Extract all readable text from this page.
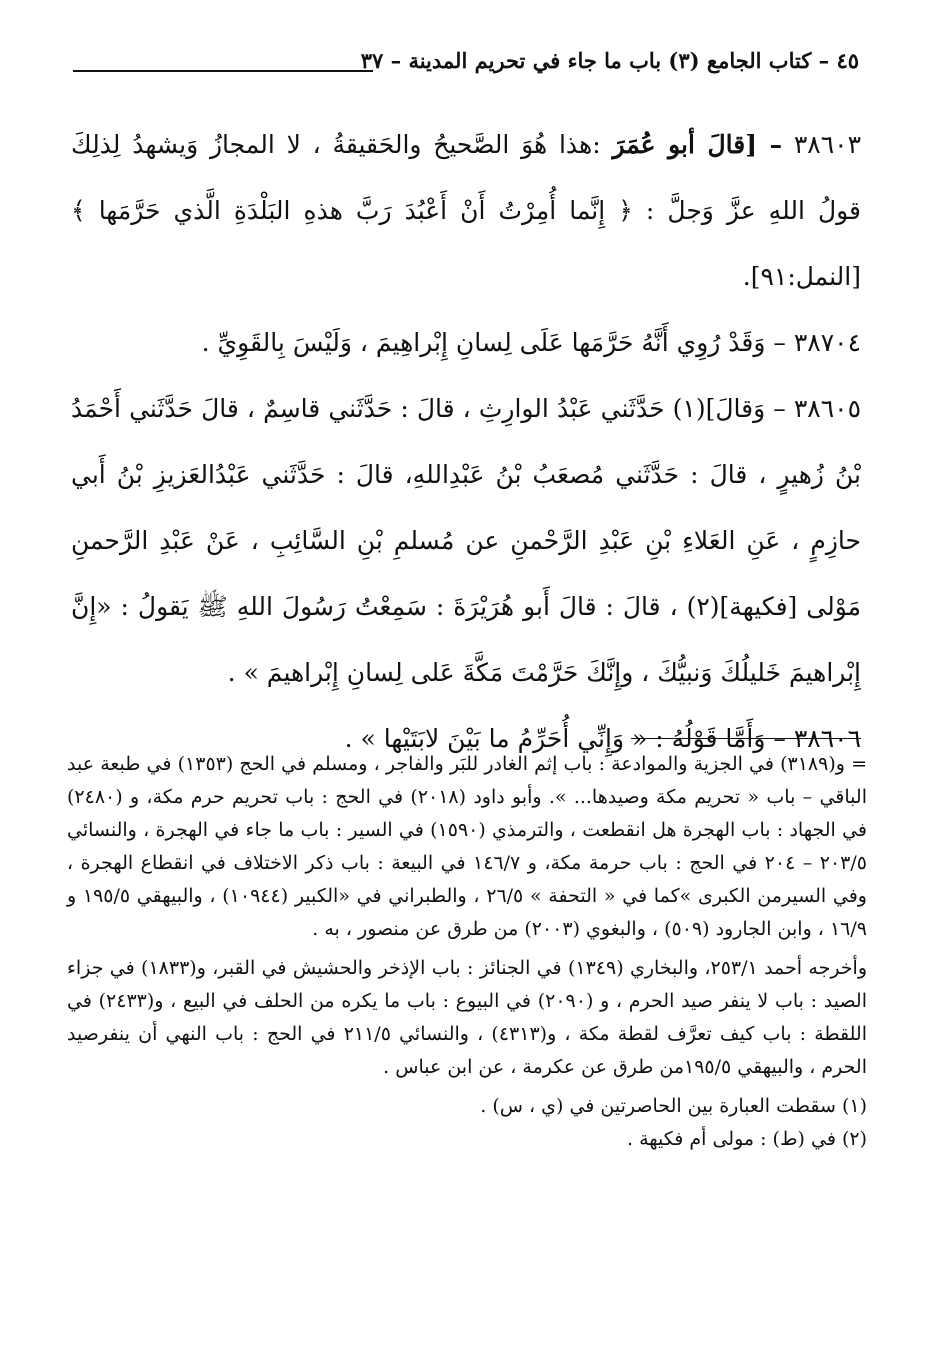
٤٥ – كتاب الجامع (٣) باب ما جاء في تحريم المدينة – ٣٧

٣٨٦٠٣ – [قالَ أبو عُمَرَ :هذا هُوَ الصَّحيحُ والحَقيقةُ ، لا المجازُ وَيشهدُ لِذلِكَ قولُ اللهِ عزَّ وَجلَّ : ﴿ إِنَّما أُمِرْتُ أَنْ أَعْبُدَ رَبَّ هذهِ البَلْدَةِ الَّذي حَرَّمَها ﴾ [النمل:٩١].

٣٨٧٠٤ – وَقَدْ رُوِي أَنَّهُ حَرَّمَها عَلَى لِسانِ إِبْراهِيمَ ، وَلَيْسَ بِالقَوِيِّ .

٣٨٦٠٥ – وَقالَ](١) حَدَّثَني عَبْدُ الوارِثِ ، قالَ : حَدَّثَني قاسِمٌ ، قالَ حَدَّثَني أَحْمَدُ بْنُ زُهيرٍ ، قالَ : حَدَّثَني مُصعَبُ بْنُ عَبْدِاللهِ، قالَ : حَدَّثَني عَبْدُالعَزيزِ بْنُ أَبي حازِمٍ ، عَنِ العَلاءِ بْنِ عَبْدِ الرَّحْمنِ عن مُسلمِ بْنِ السَّائِبِ ، عَنْ عَبْدِ الرَّحمنِ مَوْلى [فكيهة](٢) ، قالَ : قالَ أَبو هُرَيْرَةَ : سَمِعْتُ رَسُولَ اللهِ ﷺ يَقولُ : «إِنَّ إِبْراهيمَ خَليلُكَ وَنبيُّكَ ، وإِنَّكَ حَرَّمْتَ مَكَّةَ عَلى لِسانِ إِبْراهيمَ » .

٣٨٦٠٦ – وَأَمَّا قَوْلُهُ : « وَإِنِّي أُحَرِّمُ ما بَيْنَ لابَتَيْها » .

= و(٣١٨٩) في الجزية والموادعة : باب إثم الغادر للبَر والفاجر ، ومسلم في الحج (١٣٥٣) في طبعة عبد الباقي – باب « تحريم مكة وصيدها... ». وأبو داود (٢٠١٨) في الحج : باب تحريم حرم مكة، و (٢٤٨٠) في الجهاد : باب الهجرة هل انقطعت ، والترمذي (١٥٩٠) في السير : باب ما جاء في الهجرة ، والنسائي ٢٠٣/٥ – ٢٠٤ في الحج : باب حرمة مكة، و ١٤٦/٧ في البيعة : باب ذكر الاختلاف في انقطاع الهجرة ، وفي السيرمن الكبرى »كما في « التحفة » ٢٦/٥ ، والطبراني في «الكبير (١٠٩٤٤) ، والبيهقي ١٩٥/٥ و ١٦/٩ ، وابن الجارود (٥٠٩) ، والبغوي (٢٠٠٣) من طرق عن منصور ، به .

وأخرجه أحمد ٢٥٣/١، والبخاري (١٣٤٩) في الجنائز : باب الإذخر والحشيش في القبر، و(١٨٣٣) في جزاء الصيد : باب لا ينفر صيد الحرم ، و (٢٠٩٠) في البيوع : باب ما يكره من الحلف في البيع ، و(٢٤٣٣) في اللقطة : باب كيف تعرَّف لقطة مكة ، و(٤٣١٣) ، والنسائي ٢١١/٥ في الحج : باب النهي أن ينفرصيد الحرم ، والبيهقي ١٩٥/٥من طرق عن عكرمة ، عن ابن عباس .

(١) سقطت العبارة بين الحاصرتين في (ي ، س) .

(٢) في (ط) : مولى أم فكيهة .
